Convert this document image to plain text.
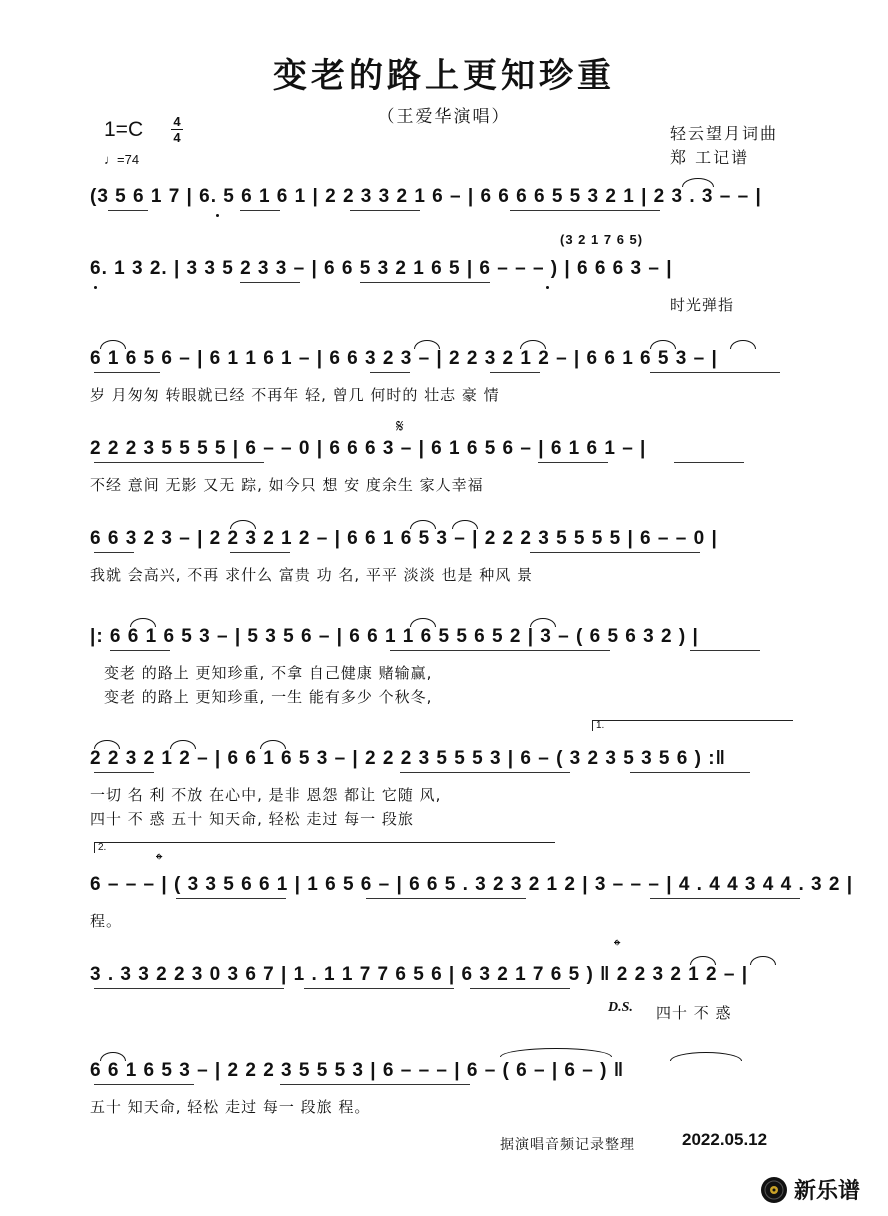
变老的路上更知珍重
（王爱华演唱）
1=C 4
4
♩=74
轻云望月词曲
郑 工记谱
(3 5 6 1 7 | 6. 5 6 1 6 1 | 2 2 3 3 2 1 6 – | 6 6 6 6 5 5 3 2 1 | 2 3 . 3 – – |
6. 1 3 2. | 3 3 5 2 3 3 – | 6 6 5 3 2 1 6 5 | 6 – – – ) | 6 6 6 3 – |
(3 2 1 7 6 5)
时光弹指
6 1 6 5 6 – | 6 1 1 6 1 – | 6 6 3 2 3 – | 2 2 3 2 1 2 – | 6 6 1 6 5 3 – |
岁 月匆匆 转眼就已经 不再年 轻, 曾几 何时的 壮志 豪 情
2 2 2 3 5 5 5 5 | 6 – – 0 | 6 6 6 3 – | 6 1 6 5 6 – | 6 1 6 1 – |
𝄋
不经 意间 无影 又无 踪, 如今只 想 安 度余生 家人幸福
6 6 3 2 3 – | 2 2 3 2 1 2 – | 6 6 1 6 5 3 – | 2 2 2 3 5 5 5 5 | 6 – – 0 |
我就 会高兴, 不再 求什么 富贵 功 名, 平平 淡淡 也是 种风 景
|: 6 6 1 6 5 3 – | 5 3 5 6 – | 6 6 1 1 6 5 5 6 5 2 | 3 – ( 6 5 6 3 2 ) |
变老 的路上 更知珍重, 不拿 自己健康 赌输赢,
变老 的路上 更知珍重, 一生 能有多少 个秋冬,
1.
2 2 3 2 1 2 – | 6 6 1 6 5 3 – | 2 2 2 3 5 5 5 3 | 6 – ( 3 2 3 5 3 5 6 ) :‖
一切 名 利 不放 在心中, 是非 恩怨 都让 它随 风,
四十 不 惑 五十 知天命, 轻松 走过 每一 段旅
2.
𝄌
6 – – – | ( 3 3 5 6 6 1 | 1 6 5 6 – | 6 6 5 . 3 2 3 2 1 2 | 3 – – – | 4 . 4 4 3 4 4 . 3 2 |
程。
𝄌
3 . 3 3 2 2 3 0 3 6 7 | 1 . 1 1 7 7 6 5 6 | 6 3 2 1 7 6 5 ) ‖ 2 2 3 2 1 2 – |
D.S. 四十 不 惑
6 6 1 6 5 3 – | 2 2 2 3 5 5 5 3 | 6 – – – | 6 – ( 6 – | 6 – ) ‖
五十 知天命, 轻松 走过 每一 段旅 程。
据演唱音频记录整理	2022.05.12
新乐谱
